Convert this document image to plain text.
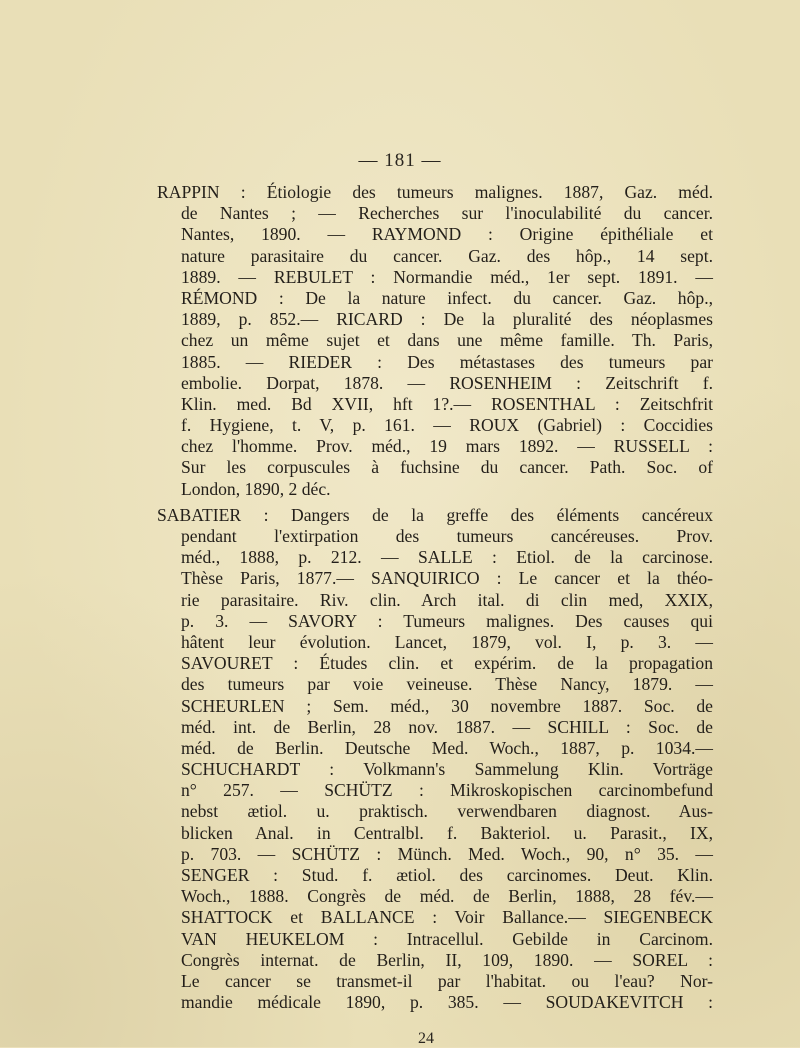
— 181 —
RAPPIN : Étiologie des tumeurs malignes. 1887, Gaz. méd.
de Nantes ; — Recherches sur l'inoculabilité du cancer.
Nantes, 1890. — RAYMOND : Origine épithéliale et
nature parasitaire du cancer. Gaz. des hôp., 14 sept.
1889. — REBULET : Normandie méd., 1er sept. 1891. —
RÉMOND : De la nature infect. du cancer. Gaz. hôp.,
1889, p. 852.— RICARD : De la pluralité des néoplasmes
chez un même sujet et dans une même famille. Th. Paris,
1885. — RIEDER : Des métastases des tumeurs par
embolie. Dorpat, 1878. — ROSENHEIM : Zeitschrift f.
Klin. med. Bd XVII, hft 1?.— ROSENTHAL : Zeitschfrit
f. Hygiene, t. V, p. 161. — ROUX (Gabriel) : Coccidies
chez l'homme. Prov. méd., 19 mars 1892. — RUSSELL :
Sur les corpuscules à fuchsine du cancer. Path. Soc. of
London, 1890, 2 déc.
SABATIER : Dangers de la greffe des éléments cancéreux
pendant l'extirpation des tumeurs cancéreuses. Prov.
méd., 1888, p. 212. — SALLE : Etiol. de la carcinose.
Thèse Paris, 1877.— SANQUIRICO : Le cancer et la théo-
rie parasitaire. Riv. clin. Arch ital. di clin med, XXIX,
p. 3. — SAVORY : Tumeurs malignes. Des causes qui
hâtent leur évolution. Lancet, 1879, vol. I, p. 3. —
SAVOURET : Études clin. et expérim. de la propagation
des tumeurs par voie veineuse. Thèse Nancy, 1879. —
SCHEURLEN ; Sem. méd., 30 novembre 1887. Soc. de
méd. int. de Berlin, 28 nov. 1887. — SCHILL : Soc. de
méd. de Berlin. Deutsche Med. Woch., 1887, p. 1034.—
SCHUCHARDT : Volkmann's Sammelung Klin. Vorträge
n° 257. — SCHÜTZ : Mikroskopischen carcinombefund
nebst ætiol. u. praktisch. verwendbaren diagnost. Aus-
blicken Anal. in Centralbl. f. Bakteriol. u. Parasit., IX,
p. 703. — SCHÜTZ : Münch. Med. Woch., 90, n° 35. —
SENGER : Stud. f. ætiol. des carcinomes. Deut. Klin.
Woch., 1888. Congrès de méd. de Berlin, 1888, 28 fév.—
SHATTOCK et BALLANCE : Voir Ballance.— SIEGENBECK
VAN HEUKELOM : Intracellul. Gebilde in Carcinom.
Congrès internat. de Berlin, II, 109, 1890. — SOREL :
Le cancer se transmet-il par l'habitat. ou l'eau? Nor-
mandie médicale 1890, p. 385. — SOUDAKEVITCH :
24
